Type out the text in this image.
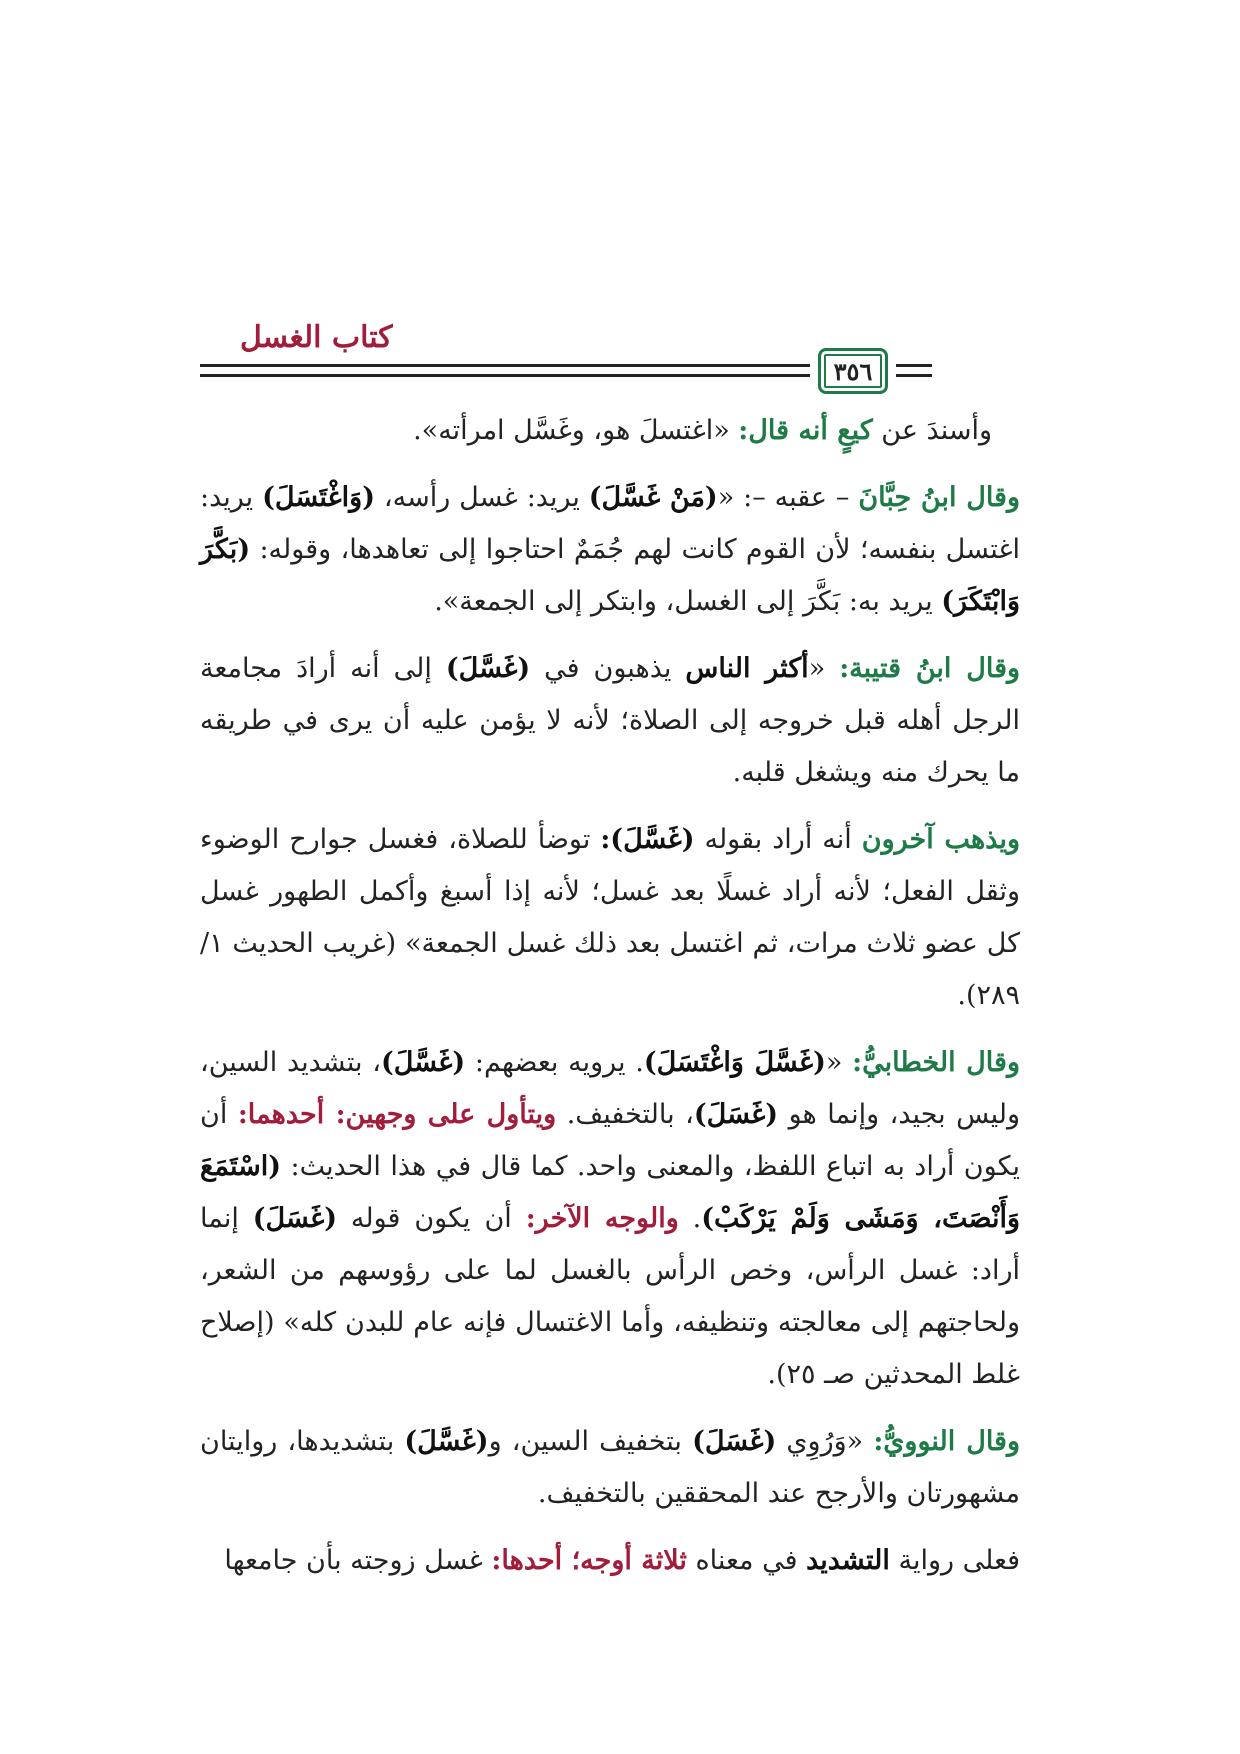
كتاب الغسل
٣٥٦

وأسندَ عن كيعٍ أنه قال: «اغتسلَ هو، وغَسَّل امرأته».

وقال ابنُ حِبَّانَ – عقبه –: «(مَنْ غَسَّلَ) يريد: غسل رأسه، (وَاغْتَسَلَ) يريد: اغتسل بنفسه؛ لأن القوم كانت لهم جُمَمٌ احتاجوا إلى تعاهدها، وقوله: (بَكَّرَ وَابْتَكَرَ) يريد به: بَكَّرَ إلى الغسل، وابتكر إلى الجمعة».

وقال ابنُ قتيبة: «أكثر الناس يذهبون في (غَسَّلَ) إلى أنه أرادَ مجامعة الرجل أهله قبل خروجه إلى الصلاة؛ لأنه لا يؤمن عليه أن يرى في طريقه ما يحرك منه ويشغل قلبه.

ويذهب آخرون أنه أراد بقوله (غَسَّلَ): توضأ للصلاة، فغسل جوارح الوضوء وثقل الفعل؛ لأنه أراد غسلًا بعد غسل؛ لأنه إذا أسبغ وأكمل الطهور غسل كل عضو ثلاث مرات، ثم اغتسل بعد ذلك غسل الجمعة» (غريب الحديث ١/ ٢٨٩).

وقال الخطابيُّ: «(غَسَّلَ وَاغْتَسَلَ). يرويه بعضهم: (غَسَّلَ)، بتشديد السين، وليس بجيد، وإنما هو (غَسَلَ)، بالتخفيف. ويتأول على وجهين: أحدهما: أن يكون أراد به اتباع اللفظ، والمعنى واحد. كما قال في هذا الحديث: (اسْتَمَعَ وَأَنْصَتَ، وَمَشَى وَلَمْ يَرْكَبْ). والوجه الآخر: أن يكون قوله (غَسَلَ) إنما أراد: غسل الرأس، وخص الرأس بالغسل لما على رؤوسهم من الشعر، ولحاجتهم إلى معالجته وتنظيفه، وأما الاغتسال فإنه عام للبدن كله» (إصلاح غلط المحدثين صـ ٢٥).

وقال النوويُّ: «وَرُوِي (غَسَلَ) بتخفيف السين، و(غَسَّلَ) بتشديدها، روايتان مشهورتان والأرجح عند المحققين بالتخفيف.

فعلى رواية التشديد في معناه ثلاثة أوجه؛ أحدها: غسل زوجته بأن جامعها
